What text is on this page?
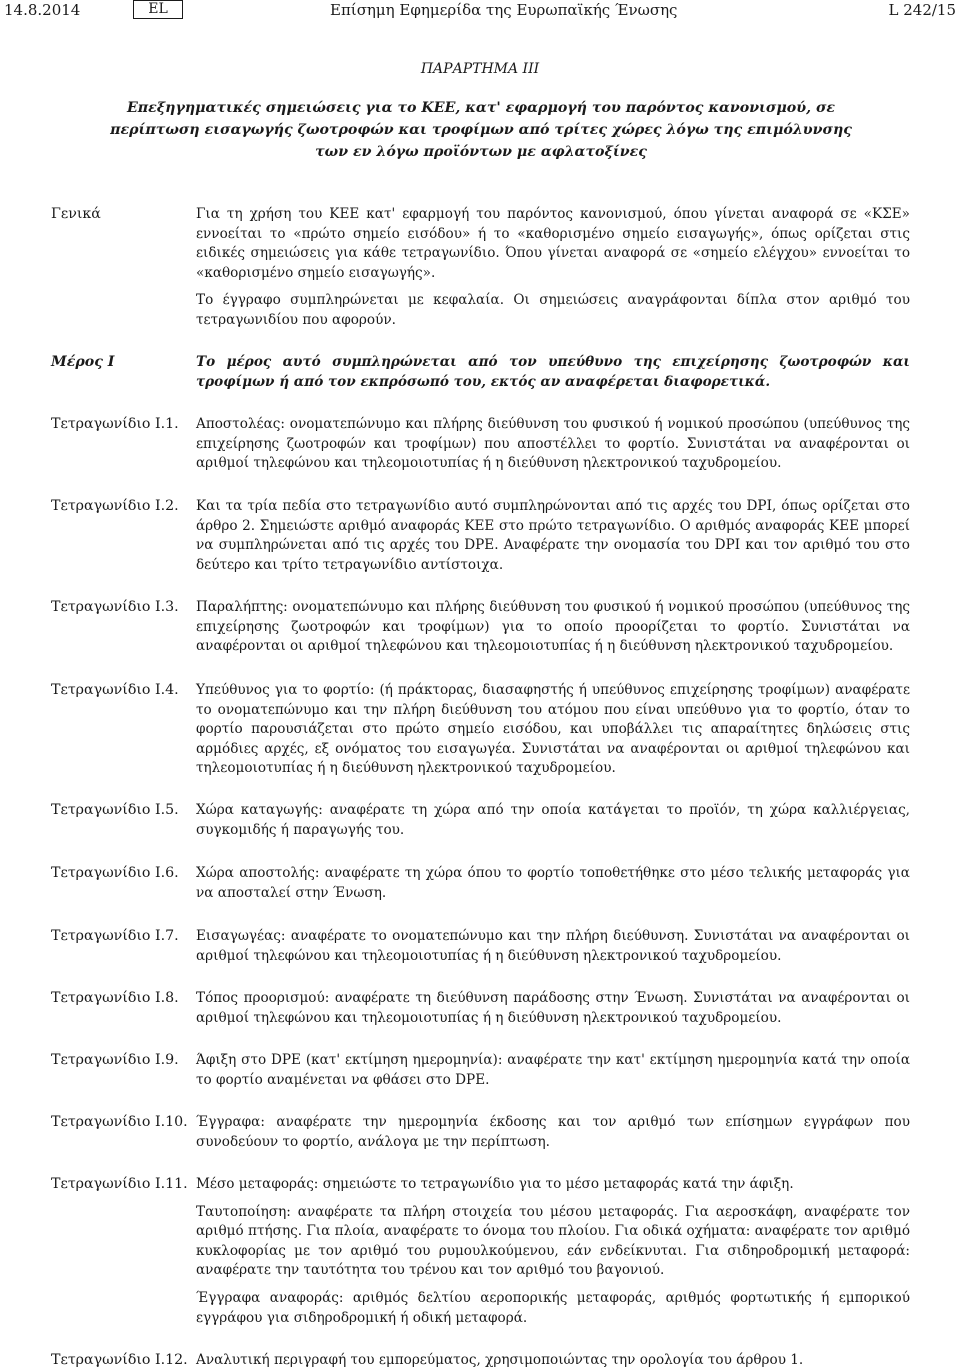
14.8.2014	EL	Επίσημη Εφημερίδα της Ευρωπαϊκής Ένωσης	L 242/15
ΠΑΡΑΡΤΗΜΑ III
Επεξηγηματικές σημειώσεις για το ΚΕΕ, κατ' εφαρμογή του παρόντος κανονισμού, σε περίπτωση εισαγωγής ζωοτροφών και τροφίμων από τρίτες χώρες λόγω της επιμόλυνσης των εν λόγω προϊόντων με αφλατοξίνες
Γενικά	Για τη χρήση του ΚΕΕ κατ' εφαρμογή του παρόντος κανονισμού, όπου γίνεται αναφορά σε «ΚΣΕ» εννοείται το «πρώτο σημείο εισόδου» ή το «καθορισμένο σημείο εισαγωγής», όπως ορίζεται στις ειδικές σημειώσεις για κάθε τετραγωνίδιο. Όπου γίνεται αναφορά σε «σημείο ελέγχου» εννοείται το «καθορισμένο σημείο εισαγωγής».

Το έγγραφο συμπληρώνεται με κεφαλαία. Οι σημειώσεις αναγράφονται δίπλα στον αριθμό του τετραγωνιδίου που αφορούν.

Μέρος I	Το μέρος αυτό συμπληρώνεται από τον υπεύθυνο της επιχείρησης ζωοτροφών και τροφίμων ή από τον εκπρόσωπό του, εκτός αν αναφέρεται διαφορετικά.

Τετραγωνίδιο I.1.	Αποστολέας: ονοματεπώνυμο και πλήρης διεύθυνση του φυσικού ή νομικού προσώπου (υπεύθυνος της επιχείρησης ζωοτροφών και τροφίμων) που αποστέλλει το φορτίο. Συνιστάται να αναφέρονται οι αριθμοί τηλεφώνου και τηλεομοιοτυπίας ή η διεύθυνση ηλεκτρονικού ταχυδρομείου.

Τετραγωνίδιο I.2.	Και τα τρία πεδία στο τετραγωνίδιο αυτό συμπληρώνονται από τις αρχές του DPI, όπως ορίζεται στο άρθρο 2. Σημειώστε αριθμό αναφοράς ΚΕΕ στο πρώτο τετραγωνίδιο. Ο αριθμός αναφοράς ΚΕΕ μπορεί να συμπληρώνεται από τις αρχές του DPE. Αναφέρατε την ονομασία του DPI και τον αριθμό του στο δεύτερο και τρίτο τετραγωνίδιο αντίστοιχα.

Τετραγωνίδιο I.3.	Παραλήπτης: ονοματεπώνυμο και πλήρης διεύθυνση του φυσικού ή νομικού προσώπου (υπεύθυνος της επιχείρησης ζωοτροφών και τροφίμων) για το οποίο προορίζεται το φορτίο. Συνιστάται να αναφέρονται οι αριθμοί τηλεφώνου και τηλεομοιοτυπίας ή η διεύθυνση ηλεκτρονικού ταχυδρομείου.

Τετραγωνίδιο I.4.	Υπεύθυνος για το φορτίο: (ή πράκτορας, διασαφηστής ή υπεύθυνος επιχείρησης τροφίμων) αναφέρατε το ονοματεπώνυμο και την πλήρη διεύθυνση του ατόμου που είναι υπεύθυνο για το φορτίο, όταν το φορτίο παρουσιάζεται στο πρώτο σημείο εισόδου, και υποβάλλει τις απαραίτητες δηλώσεις στις αρμόδιες αρχές, εξ ονόματος του εισαγωγέα. Συνιστάται να αναφέρονται οι αριθμοί τηλεφώνου και τηλεομοιοτυπίας ή η διεύθυνση ηλεκτρονικού ταχυδρομείου.

Τετραγωνίδιο I.5.	Χώρα καταγωγής: αναφέρατε τη χώρα από την οποία κατάγεται το προϊόν, τη χώρα καλλιέργειας, συγκομιδής ή παραγωγής του.

Τετραγωνίδιο I.6.	Χώρα αποστολής: αναφέρατε τη χώρα όπου το φορτίο τοποθετήθηκε στο μέσο τελικής μεταφοράς για να αποσταλεί στην Ένωση.

Τετραγωνίδιο I.7.	Εισαγωγέας: αναφέρατε το ονοματεπώνυμο και την πλήρη διεύθυνση. Συνιστάται να αναφέρονται οι αριθμοί τηλεφώνου και τηλεομοιοτυπίας ή η διεύθυνση ηλεκτρονικού ταχυδρομείου.

Τετραγωνίδιο I.8.	Τόπος προορισμού: αναφέρατε τη διεύθυνση παράδοσης στην Ένωση. Συνιστάται να αναφέρονται οι αριθμοί τηλεφώνου και τηλεομοιοτυπίας ή η διεύθυνση ηλεκτρονικού ταχυδρομείου.

Τετραγωνίδιο I.9.	Άφιξη στο DPE (κατ' εκτίμηση ημερομηνία): αναφέρατε την κατ' εκτίμηση ημερομηνία κατά την οποία το φορτίο αναμένεται να φθάσει στο DPE.

Τετραγωνίδιο I.10. Έγγραφα: αναφέρατε την ημερομηνία έκδοσης και τον αριθμό των επίσημων εγγράφων που συνοδεύουν το φορτίο, ανάλογα με την περίπτωση.

Τετραγωνίδιο I.11. Μέσο μεταφοράς: σημειώστε το τετραγωνίδιο για το μέσο μεταφοράς κατά την άφιξη.

Ταυτοποίηση: αναφέρατε τα πλήρη στοιχεία του μέσου μεταφοράς. Για αεροσκάφη, αναφέρατε τον αριθμό πτήσης. Για πλοία, αναφέρατε το όνομα του πλοίου. Για οδικά οχήματα: αναφέρατε τον αριθμό κυκλοφορίας με τον αριθμό του ρυμουλκούμενου, εάν ενδείκνυται. Για σιδηροδρομική μεταφορά: αναφέρατε την ταυτότητα του τρένου και τον αριθμό του βαγονιού.

Έγγραφα αναφοράς: αριθμός δελτίου αεροπορικής μεταφοράς, αριθμός φορτωτικής ή εμπορικού εγγράφου για σιδηροδρομική ή οδική μεταφορά.

Τετραγωνίδιο I.12. Αναλυτική περιγραφή του εμπορεύματος, χρησιμοποιώντας την ορολογία του άρθρου 1.
